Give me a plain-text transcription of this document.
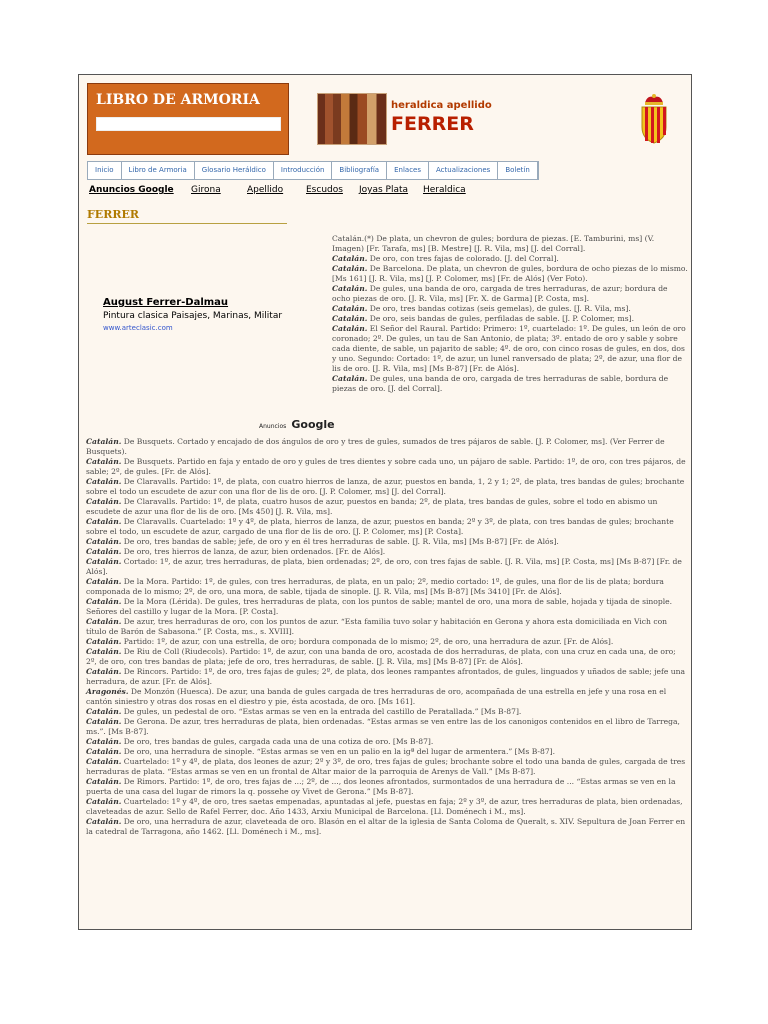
LIBRO DE ARMORIA	heraldica apellido
FERRER
Inicio	Libro de Armoria	Glosario Heráldico	Introducción	Bibliografía	Enlaces	Actualizaciones	Boletín
Anuncios Google Girona	Apellido	Escudos Joyas Plata Heraldica
FERRER
August Ferrer-Dalmau
Pintura clasica Paisajes, Marinas, Militar
www.arteclasic.com
Anuncios Google

Catalán.(*) De plata, un chevron de gules; bordura de piezas. [E. Tamburini, ms] (V. Imagen) [Fr. Tarafa, ms] [B. Mestre] [J. R. Vila, ms] [J. del Corral].

Catalán. De oro, con tres fajas de colorado. [J. del Corral].

Catalán. De Barcelona. De plata, un chevron de gules, bordura de ocho piezas de lo mismo. [Ms 161] [J. R. Vila, ms] [J. P. Colomer, ms] [Fr. de Alós] (Ver Foto).

Catalán. De gules, una banda de oro, cargada de tres herraduras, de azur; bordura de ocho piezas de oro. [J. R. Vila, ms] [Fr. X. de Garma] [P. Costa, ms].

Catalán. De oro, tres bandas cotizas (seis gemelas), de gules. [J. R. Vila, ms].

Catalán. De oro, seis bandas de gules, perfiladas de sable. [J. P. Colomer, ms].

Catalán. El Señor del Raural. Partido: Primero: 1º, cuartelado: 1º. De gules, un león de oro coronado; 2º. De gules, un tau de San Antonio, de plata; 3º. entado de oro y sable y sobre cada diente, de sable, un pajarito de sable; 4º. de oro, con cinco rosas de gules, en dos, dos y uno. Segundo: Cortado: 1º, de azur, un lunel ranversado de plata; 2º, de azur, una flor de lis de oro. [J. R. Vila, ms] [Ms B-87] [Fr. de Alós].

Catalán. De gules, una banda de oro, cargada de tres herraduras de sable, bordura de piezas de oro. [J. del Corral].

Catalán. De Busquets. Cortado y encajado de dos ángulos de oro y tres de gules, sumados de tres pájaros de sable. [J. P. Colomer, ms]. (Ver Ferrer de Busquets).

Catalán. De Busquets. Partido en faja y entado de oro y gules de tres dientes y sobre cada uno, un pájaro de sable. Partido: 1º, de oro, con tres pájaros, de sable; 2º, de gules. [Fr. de Alós].

Catalán. De Claravalls. Partido: 1º, de plata, con cuatro hierros de lanza, de azur, puestos en banda, 1, 2 y 1; 2º, de plata, tres bandas de gules; brochante sobre el todo un escudete de azur con una flor de lis de oro. [J. P. Colomer, ms] [J. del Corral].

Catalán. De Claravalls. Partido: 1º, de plata, cuatro husos de azur, puestos en banda; 2º, de plata, tres bandas de gules, sobre el todo en abismo un escudete de azur una flor de lis de oro. [Ms 450] [J. R. Vila, ms].

Catalán. De Claravalls. Cuartelado: 1º y 4º, de plata, hierros de lanza, de azur, puestos en banda; 2º y 3º, de plata, con tres bandas de gules; brochante sobre el todo, un escudete de azur, cargado de una flor de lis de oro. [J. P. Colomer, ms] [P. Costa].

Catalán. De oro, tres bandas de sable; jefe, de oro y en él tres herraduras de sable. [J. R. Vila, ms] [Ms B-87] [Fr. de Alós].

Catalán. De oro, tres hierros de lanza, de azur, bien ordenados. [Fr. de Alós].

Catalán. Cortado: 1º, de azur, tres herraduras, de plata, bien ordenadas; 2º, de oro, con tres fajas de sable. [J. R. Vila, ms] [P. Costa, ms] [Ms B-87] [Fr. de Alós].

Catalán. De la Mora. Partido: 1º, de gules, con tres herraduras, de plata, en un palo; 2º, medio cortado: 1º, de gules, una flor de lis de plata; bordura componada de lo mismo; 2º, de oro, una mora, de sable, tijada de sinople. [J. R. Vila, ms] [Ms B-87] [Ms 3410] [Fr. de Alós].

Catalán. De la Mora (Lérida). De gules, tres herraduras de plata, con los puntos de sable; mantel de oro, una mora de sable, hojada y tijada de sinople. Señores del castillo y lugar de la Mora. [P. Costa].

Catalán. De azur, tres herraduras de oro, con los puntos de azur. “Esta familia tuvo solar y habitación en Gerona y ahora esta domiciliada en Vich con título de Barón de Sabasona.” [P. Costa, ms., s. XVIII].

Catalán. Partido: 1º, de azur, con una estrella, de oro; bordura componada de lo mismo; 2º, de oro, una herradura de azur. [Fr. de Alós].

Catalán. De Riu de Coll (Riudecols). Partido: 1º, de azur, con una banda de oro, acostada de dos herraduras, de plata, con una cruz en cada una, de oro; 2º, de oro, con tres bandas de plata; jefe de oro, tres herraduras, de sable. [J. R. Vila, ms] [Ms B-87] [Fr. de Alós].

Catalán. De Rincors. Partido: 1º, de oro, tres fajas de gules; 2º, de plata, dos leones rampantes afrontados, de gules, linguados y uñados de sable; jefe una herradura, de azur. [Fr. de Alós].

Aragonés. De Monzón (Huesca). De azur, una banda de gules cargada de tres herraduras de oro, acompañada de una estrella en jefe y una rosa en el cantón siniestro y otras dos rosas en el diestro y pie, ésta acostada, de oro. [Ms 161].

Catalán. De gules, un pedestal de oro. “Estas armas se ven en la entrada del castillo de Peratallada.” [Ms B-87].

Catalán. De Gerona. De azur, tres herraduras de plata, bien ordenadas. “Estas armas se ven entre las de los canonigos contenidos en el libro de Tarrega, ms.”. [Ms B-87].

Catalán. De oro, tres bandas de gules, cargada cada una de una cotiza de oro. [Ms B-87].

Catalán. De oro, una herradura de sinople. “Estas armas se ven en un palio en la igª del lugar de armentera.” [Ms B-87].

Catalán. Cuartelado: 1º y 4º, de plata, dos leones de azur; 2º y 3º, de oro, tres fajas de gules; brochante sobre el todo una banda de gules, cargada de tres herraduras de plata. “Estas armas se ven en un frontal de Altar maior de la parroquia de Arenys de Vall.” [Ms B-87].

Catalán. De Rimors. Partido: 1º, de oro, tres fajas de ...; 2º, de ..., dos leones afrontados, surmontados de una herradura de ... “Estas armas se ven en la puerta de una casa del lugar de rimors la q. possehe oy Vivet de Gerona.” [Ms B-87].

Catalán. Cuartelado: 1º y 4º, de oro, tres saetas empenadas, apuntadas al jefe, puestas en faja; 2º y 3º, de azur, tres herraduras de plata, bien ordenadas, claveteadas de azur. Sello de Rafel Ferrer, doc. Año 1433, Arxiu Municipal de Barcelona. [Ll. Doménech i M., ms].

Catalán. De oro, una herradura de azur, claveteada de oro. Blasón en el altar de la iglesia de Santa Coloma de Queralt, s. XIV. Sepultura de Joan Ferrer en la catedral de Tarragona, año 1462. [Ll. Doménech i M., ms].
